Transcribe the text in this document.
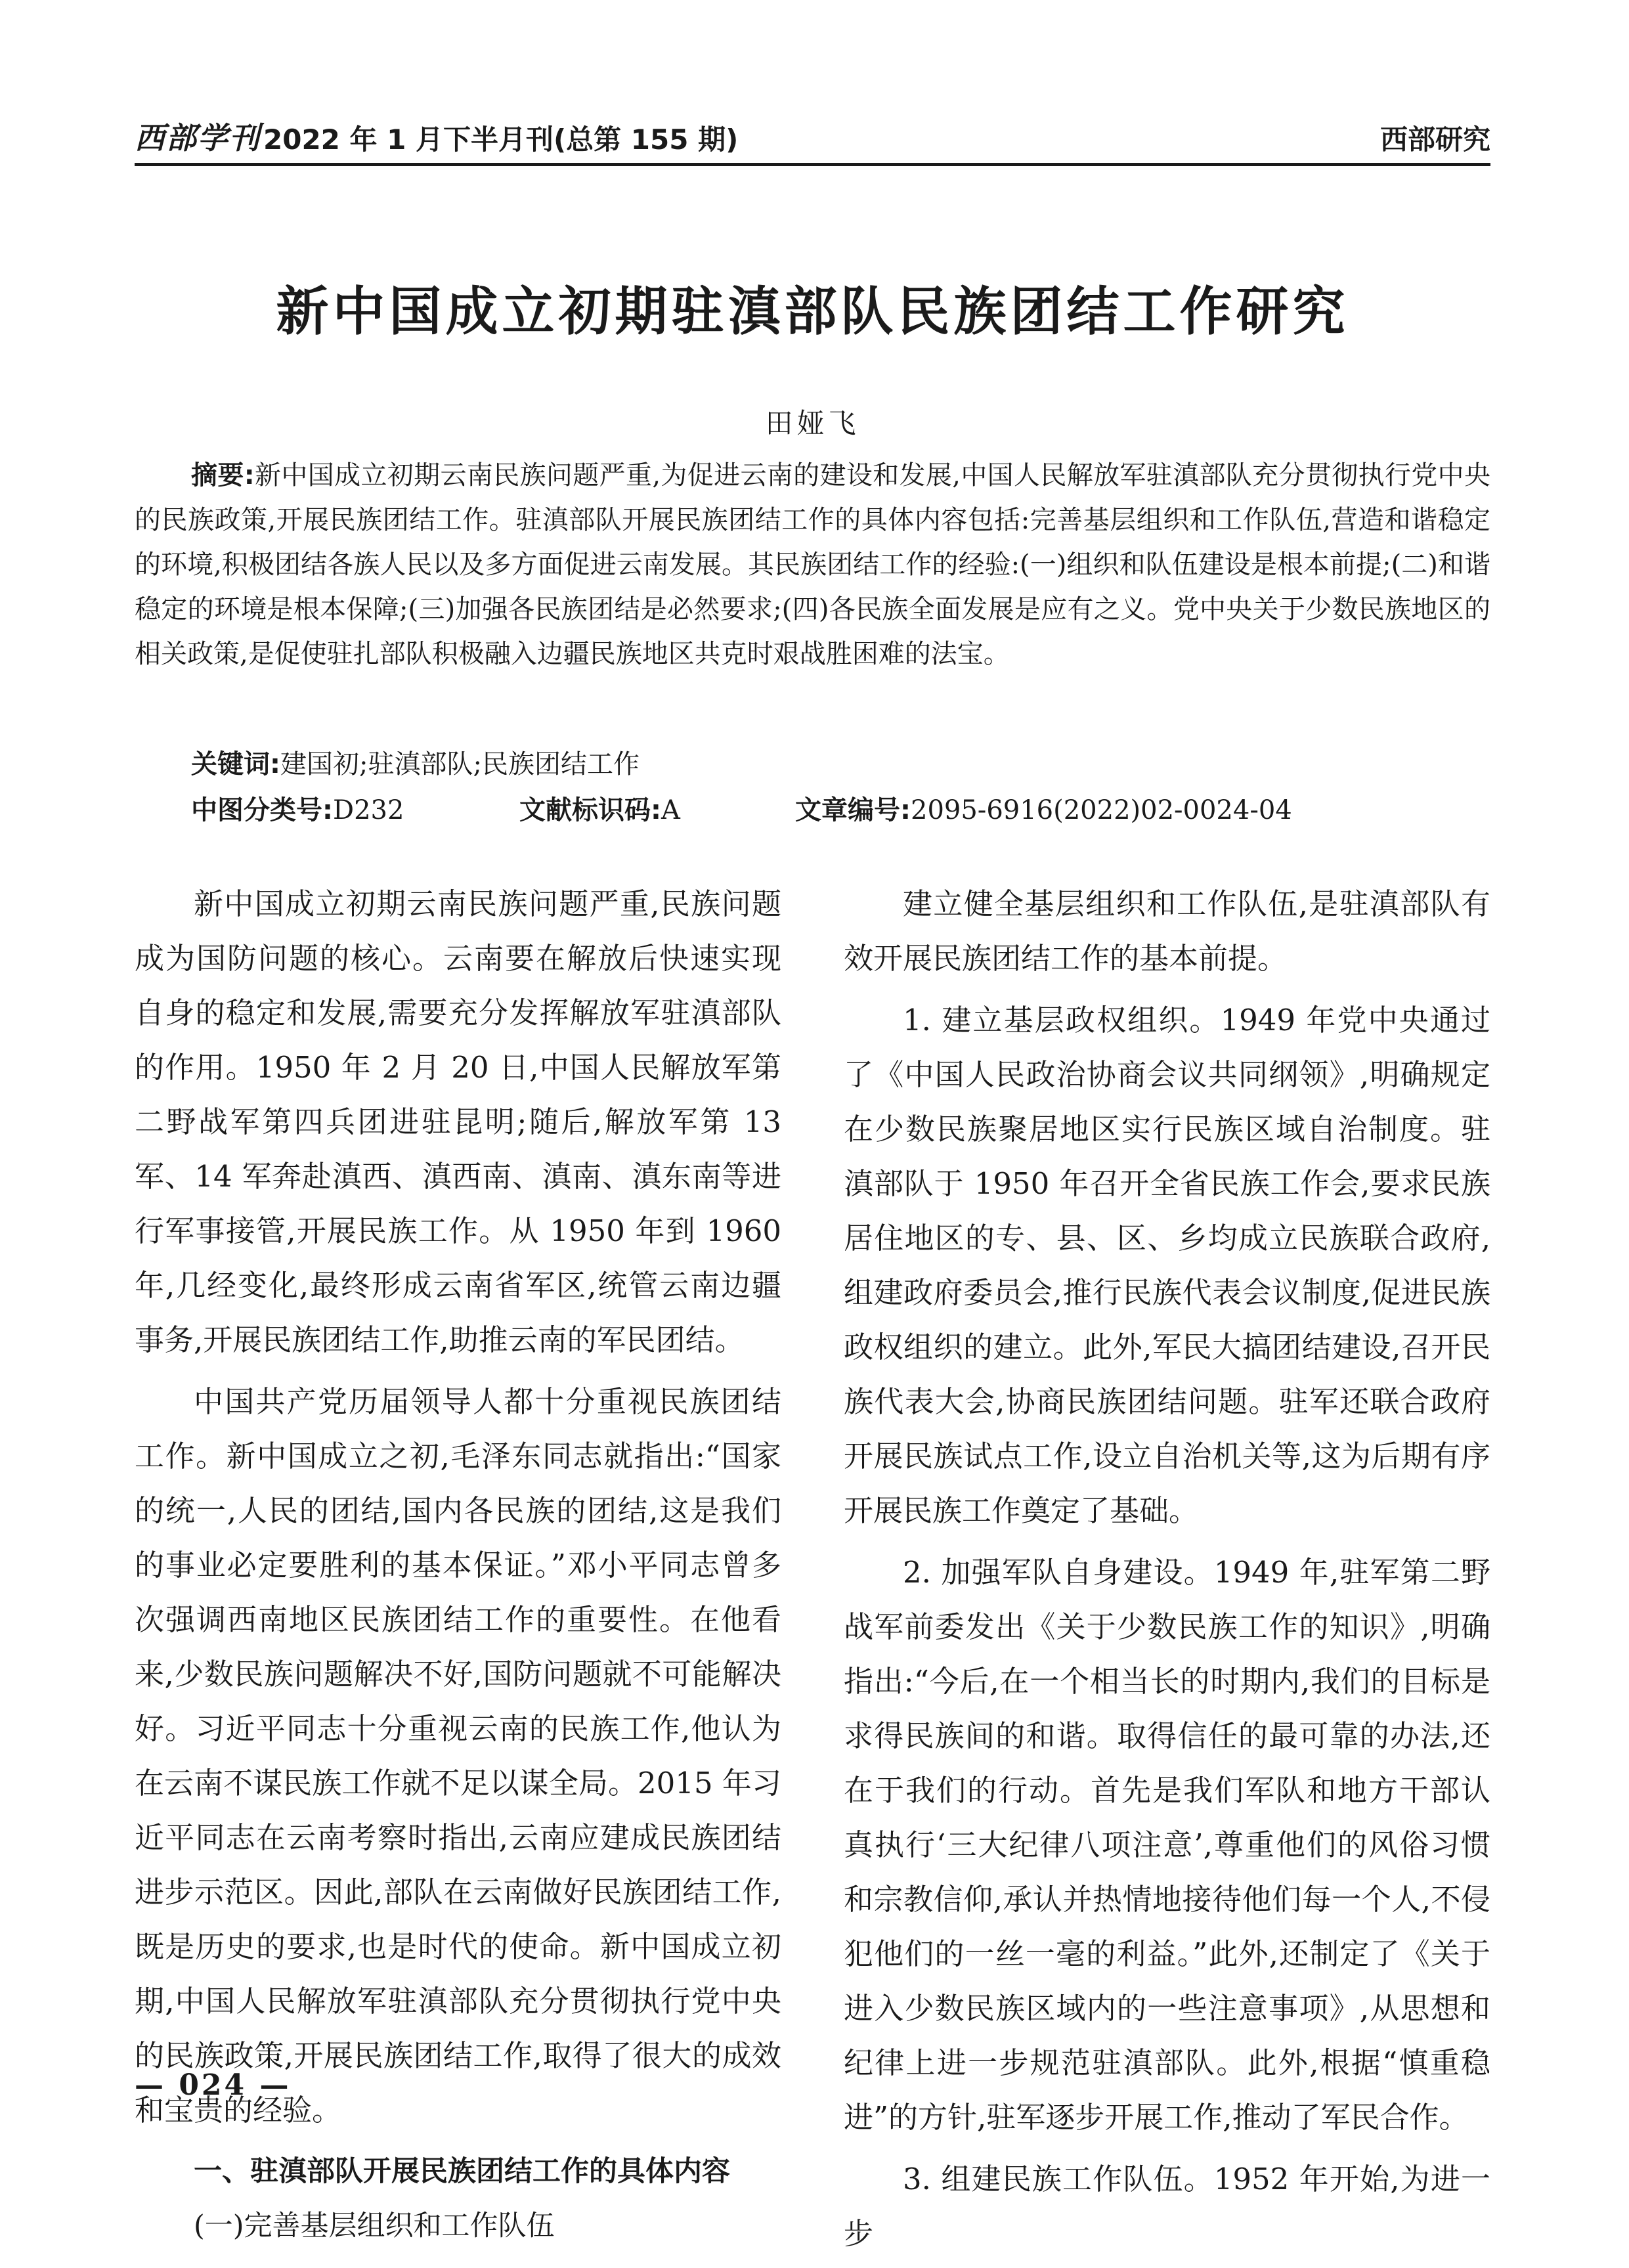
西部学刊 2022 年 1 月下半月刊(总第 155 期)	西部研究
新中国成立初期驻滇部队民族团结工作研究
田娅飞

摘要:新中国成立初期云南民族问题严重,为促进云南的建设和发展,中国人民解放军驻滇部队充分贯彻执行党中央的民族政策,开展民族团结工作。驻滇部队开展民族团结工作的具体内容包括:完善基层组织和工作队伍,营造和谐稳定的环境,积极团结各族人民以及多方面促进云南发展。其民族团结工作的经验:(一)组织和队伍建设是根本前提;(二)和谐稳定的环境是根本保障;(三)加强各民族团结是必然要求;(四)各民族全面发展是应有之义。党中央关于少数民族地区的相关政策,是促使驻扎部队积极融入边疆民族地区共克时艰战胜困难的法宝。

关键词:建国初;驻滇部队;民族团结工作
中图分类号:D232	文献标识码:A	文章编号:2095-6916(2022)02-0024-04

新中国成立初期云南民族问题严重,民族问题成为国防问题的核心。云南要在解放后快速实现自身的稳定和发展,需要充分发挥解放军驻滇部队的作用。1950 年 2 月 20 日,中国人民解放军第二野战军第四兵团进驻昆明;随后,解放军第 13 军、14 军奔赴滇西、滇西南、滇南、滇东南等进行军事接管,开展民族工作。从 1950 年到 1960 年,几经变化,最终形成云南省军区,统管云南边疆事务,开展民族团结工作,助推云南的军民团结。

中国共产党历届领导人都十分重视民族团结工作。新中国成立之初,毛泽东同志就指出:“国家的统一,人民的团结,国内各民族的团结,这是我们的事业必定要胜利的基本保证。”邓小平同志曾多次强调西南地区民族团结工作的重要性。在他看来,少数民族问题解决不好,国防问题就不可能解决好。习近平同志十分重视云南的民族工作,他认为在云南不谋民族工作就不足以谋全局。2015 年习近平同志在云南考察时指出,云南应建成民族团结进步示范区。因此,部队在云南做好民族团结工作,既是历史的要求,也是时代的使命。新中国成立初期,中国人民解放军驻滇部队充分贯彻执行党中央的民族政策,开展民族团结工作,取得了很大的成效和宝贵的经验。

一、驻滇部队开展民族团结工作的具体内容
(一)完善基层组织和工作队伍

建立健全基层组织和工作队伍,是驻滇部队有效开展民族团结工作的基本前提。

1. 建立基层政权组织。1949 年党中央通过了《中国人民政治协商会议共同纲领》,明确规定在少数民族聚居地区实行民族区域自治制度。驻滇部队于 1950 年召开全省民族工作会,要求民族居住地区的专、县、区、乡均成立民族联合政府,组建政府委员会,推行民族代表会议制度,促进民族政权组织的建立。此外,军民大搞团结建设,召开民族代表大会,协商民族团结问题。驻军还联合政府开展民族试点工作,设立自治机关等,这为后期有序开展民族工作奠定了基础。

2. 加强军队自身建设。1949 年,驻军第二野战军前委发出《关于少数民族工作的知识》,明确指出:“今后,在一个相当长的时期内,我们的目标是求得民族间的和谐。取得信任的最可靠的办法,还在于我们的行动。首先是我们军队和地方干部认真执行‘三大纪律八项注意’,尊重他们的风俗习惯和宗教信仰,承认并热情地接待他们每一个人,不侵犯他们的一丝一毫的利益。”此外,还制定了《关于进入少数民族区域内的一些注意事项》,从思想和纪律上进一步规范驻滇部队。此外,根据“慎重稳进”的方针,驻军逐步开展工作,推动了军民合作。

3. 组建民族工作队伍。1952 年开始,为进一步

— 024 —
